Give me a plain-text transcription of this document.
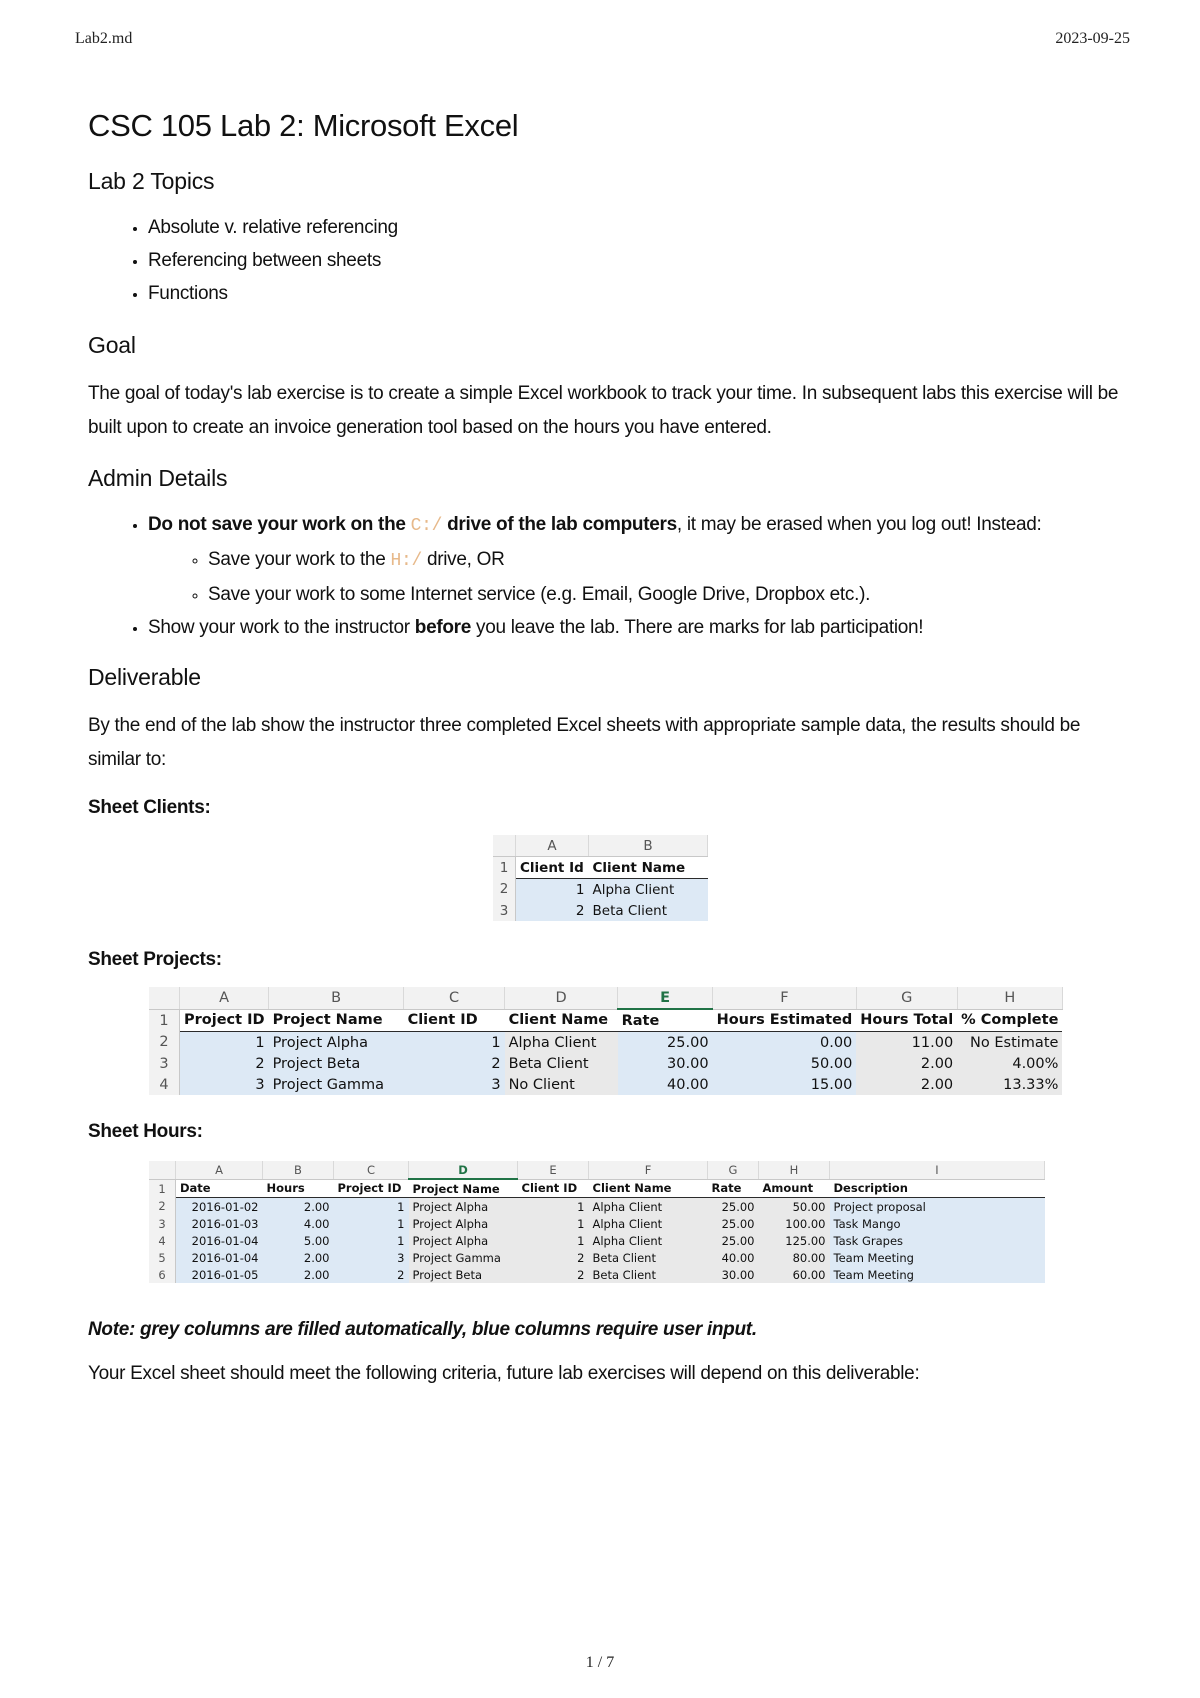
Lab2.md	2023-09-25
CSC 105 Lab 2: Microsoft Excel
Lab 2 Topics
• Absolute v. relative referencing
• Referencing between sheets
• Functions
Goal
The goal of today's lab exercise is to create a simple Excel workbook to track your time. In subsequent labs this exercise will be built upon to create an invoice generation tool based on the hours you have entered.
Admin Details
• Do not save your work on the C:/ drive of the lab computers, it may be erased when you log out! Instead:
◦ Save your work to the H:/ drive, OR
◦ Save your work to some Internet service (e.g. Email, Google Drive, Dropbox etc.).
• Show your work to the instructor before you leave the lab. There are marks for lab participation!
Deliverable
By the end of the lab show the instructor three completed Excel sheets with appropriate sample data, the results should be similar to:
Sheet Clients:
	A	B
1	Client Id	Client Name
2	1	Alpha Client
3	2	Beta Client
Sheet Projects:
	A	B	C	D	E	F	G	H
1	Project ID	Project Name	Client ID	Client Name	Rate	Hours Estimated	Hours Total	% Complete
2	1	Project Alpha	1	Alpha Client	25.00	0.00	11.00	No Estimate
3	2	Project Beta	2	Beta Client	30.00	50.00	2.00	4.00%
4	3	Project Gamma	3	No Client	40.00	15.00	2.00	13.33%
Sheet Hours:
	A	B	C	D	E	F	G	H	I
1	Date	Hours	Project ID	Project Name	Client ID	Client Name	Rate	Amount	Description
2	2016-01-02	2.00	1	Project Alpha	1	Alpha Client	25.00	50.00	Project proposal
3	2016-01-03	4.00	1	Project Alpha	1	Alpha Client	25.00	100.00	Task Mango
4	2016-01-04	5.00	1	Project Alpha	1	Alpha Client	25.00	125.00	Task Grapes
5	2016-01-04	2.00	3	Project Gamma	2	Beta Client	40.00	80.00	Team Meeting
6	2016-01-05	2.00	2	Project Beta	2	Beta Client	30.00	60.00	Team Meeting
Note: grey columns are filled automatically, blue columns require user input.
Your Excel sheet should meet the following criteria, future lab exercises will depend on this deliverable:
1 / 7
